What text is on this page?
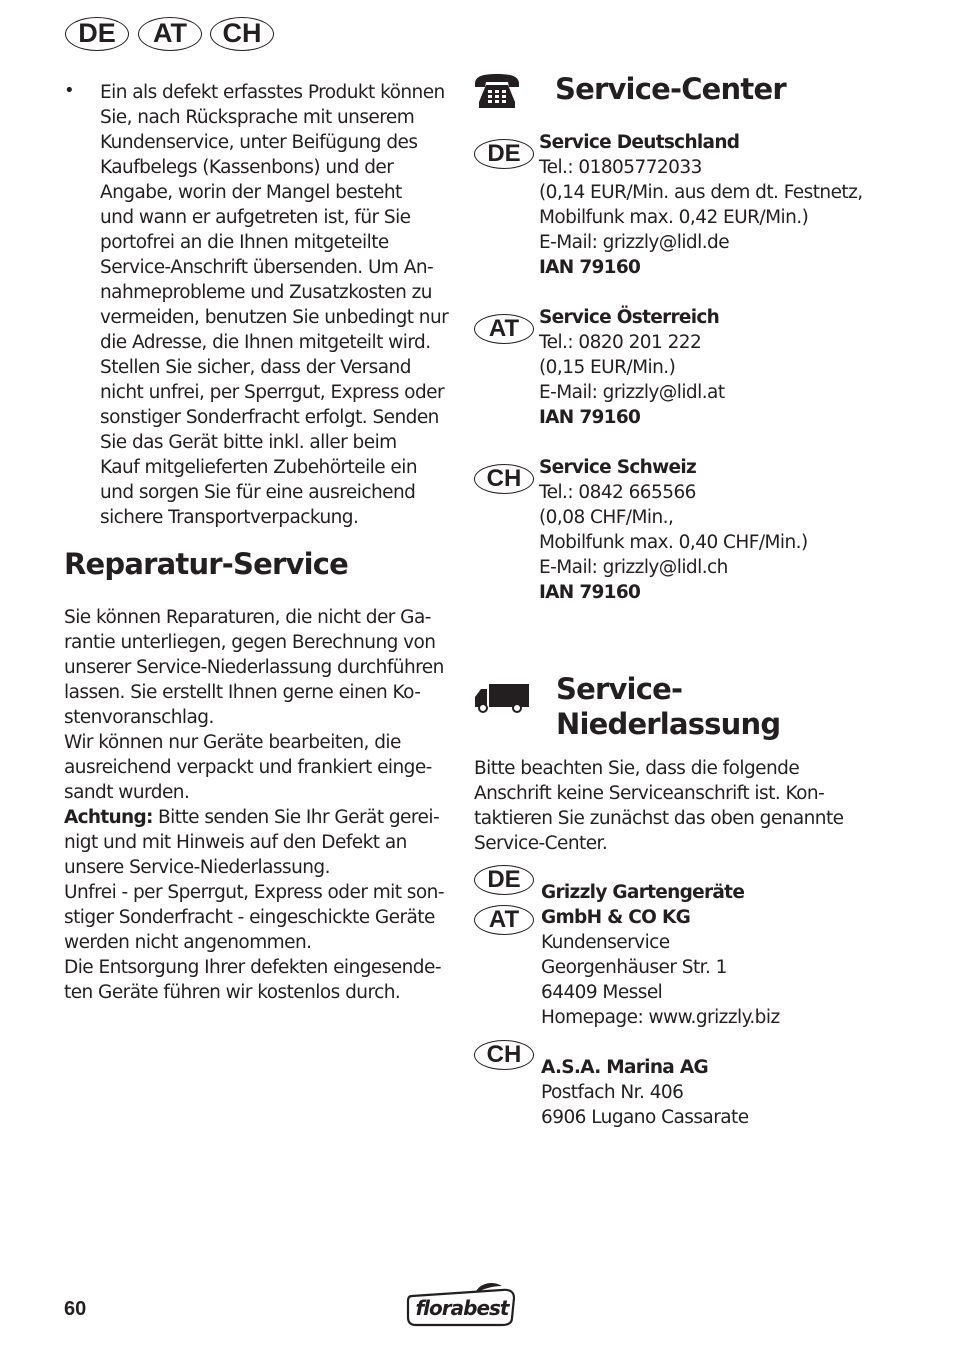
DE	AT	CH
• Ein als defekt erfasstes Produkt können
Sie, nach Rücksprache mit unserem
Kundenservice, unter Beifügung des
Kaufbelegs (Kassenbons) und der
Angabe, worin der Mangel besteht
und wann er aufgetreten ist, für Sie
portofrei an die Ihnen mitgeteilte
Service-Anschrift übersenden. Um An-
nahmeprobleme und Zusatzkosten zu
vermeiden, benutzen Sie unbedingt nur
die Adresse, die Ihnen mitgeteilt wird.
Stellen Sie sicher, dass der Versand
nicht unfrei, per Sperrgut, Express oder
sonstiger Sonderfracht erfolgt. Senden
Sie das Gerät bitte inkl. aller beim
Kauf mitgelieferten Zubehörteile ein
und sorgen Sie für eine ausreichend
sichere Transportverpackung.
Reparatur-Service
Sie können Reparaturen, die nicht der Ga-
rantie unterliegen, gegen Berechnung von
unserer Service-Niederlassung durchführen
lassen. Sie erstellt Ihnen gerne einen Ko-
stenvoranschlag.
Wir können nur Geräte bearbeiten, die
ausreichend verpackt und frankiert einge-
sandt wurden.
Achtung: Bitte senden Sie Ihr Gerät gerei-
nigt und mit Hinweis auf den Defekt an
unsere Service-Niederlassung.
Unfrei - per Sperrgut, Express oder mit son-
stiger Sonderfracht - eingeschickte Geräte
werden nicht angenommen.
Die Entsorgung Ihrer defekten eingesende-
ten Geräte führen wir kostenlos durch.
Service-Center
DE Service Deutschland
Tel.: 01805772033
(0,14 EUR/Min. aus dem dt. Festnetz,
Mobilfunk max. 0,42 EUR/Min.)
E-Mail: grizzly@lidl.de
IAN 79160
AT	Service Österreich
Tel.: 0820 201 222
(0,15 EUR/Min.)
E-Mail: grizzly@lidl.at
IAN 79160
CH Service Schweiz
Tel.: 0842 665566
(0,08 CHF/Min.,
Mobilfunk max. 0,40 CHF/Min.)
E-Mail: grizzly@lidl.ch
IAN 79160
Service-
Niederlassung
Bitte beachten Sie, dass die folgende
Anschrift keine Serviceanschrift ist. Kon-
taktieren Sie zunächst das oben genannte
Service-Center.
DE
AT
Grizzly Gartengeräte
GmbH & CO KG
Kundenservice
Georgenhäuser Str. 1
64409 Messel
Homepage: www.grizzly.biz
CH	A.S.A. Marina AG
Postfach Nr. 406
6906 Lugano Cassarate
60	florabest
